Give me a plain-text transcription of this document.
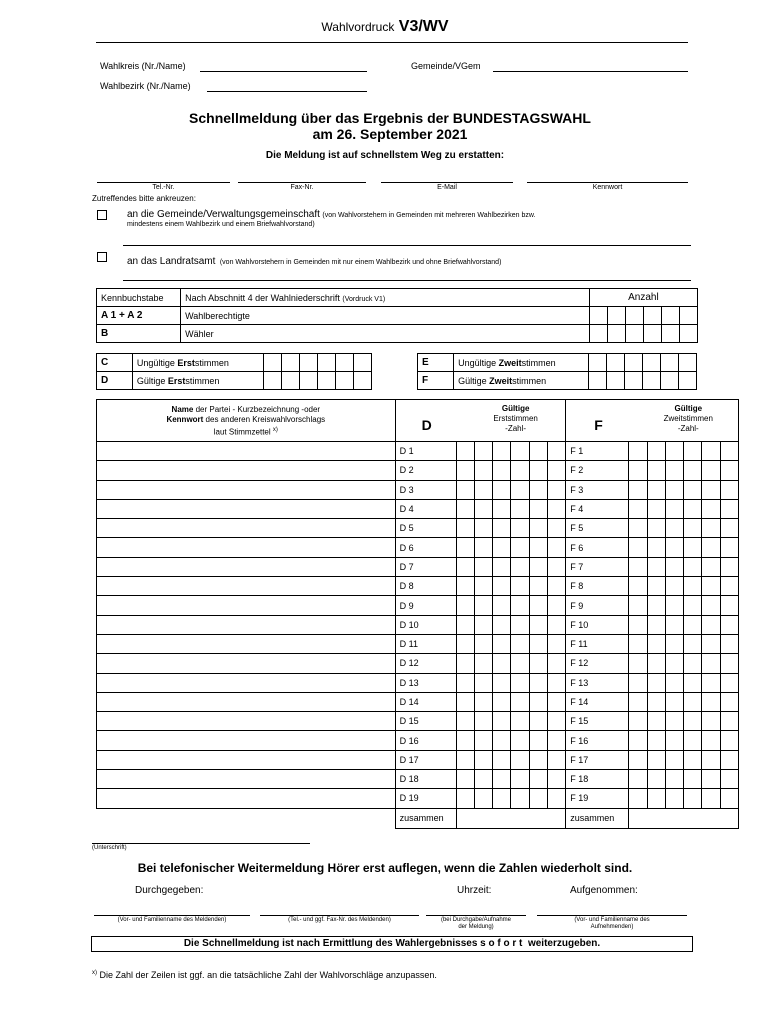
Wahlvordruck V3/WV
Wahlkreis (Nr./Name)	Gemeinde/VGem
Wahlbezirk (Nr./Name)
Schnellmeldung über das Ergebnis der BUNDESTAGSWAHL
am 26. September 2021
Die Meldung ist auf schnellstem Weg zu erstatten:
Tel.-Nr.	Fax-Nr.	E-Mail	Kennwort
Zutreffendes bitte ankreuzen:
an die Gemeinde/Verwaltungsgemeinschaft (von Wahlvorstehern in Gemeinden mit mehreren Wahlbezirken bzw.
mindestens einem Wahlbezirk und einem Briefwahlvorstand)
an das Landratsamt (von Wahlvorstehern in Gemeinden mit nur einem Wahlbezirk und ohne Briefwahlvorstand)
Kennbuchstabe	Nach Abschnitt 4 der Wahlniederschrift (Vordruck V1)	Anzahl					
A 1 + A 2	Wahlberechtigte						
B	Wähler						
C	Ungültige Erststimmen						
D	Gültige Erststimmen						
E	Ungültige Zweitstimmen						
F	Gültige Zweitstimmen						
Name der Partei - Kurzbezeichnung -oder
Kennwort des anderen Kreiswahlvorschlags
laut Stimmzettel $^{x)}$	D
Gültige
Erststimmen
-Zahl-							F
Gültige
Zweitstimmen
-Zahl-						

	D 1							F 1						
	D 2							F 2						
	D 3							F 3						
	D 4							F 4						
	D 5							F 5						
	D 6							F 6						
	D 7							F 7						
	D 8							F 8						
	D 9							F 9						
	D 10							F 10						
	D 11							F 11						
	D 12							F 12						
	D 13							F 13						
	D 14							F 14						
	D 15							F 15						
	D 16							F 16						
	D 17							F 17						
	D 18							F 18						
	D 19							F 19						
	zusammen							zusammen						
(Unterschrift)
Bei telefonischer Weitermeldung Hörer erst auflegen, wenn die Zahlen wiederholt sind.
Durchgegeben:	Uhrzeit:	Aufgenommen:
(Vor- und Familienname des Meldenden)	(Tel.- und ggf. Fax-Nr. des Meldenden)	(bei Durchgabe/Aufnahme
der Meldung)
(Vor- und Familienname des
Aufnehmenden)
Die Schnellmeldung ist nach Ermittlung des Wahlergebnisses s o f o r t  weiterzugeben.
$^{x)}$ Die Zahl der Zeilen ist ggf. an die tatsächliche Zahl der Wahlvorschläge anzupassen.
